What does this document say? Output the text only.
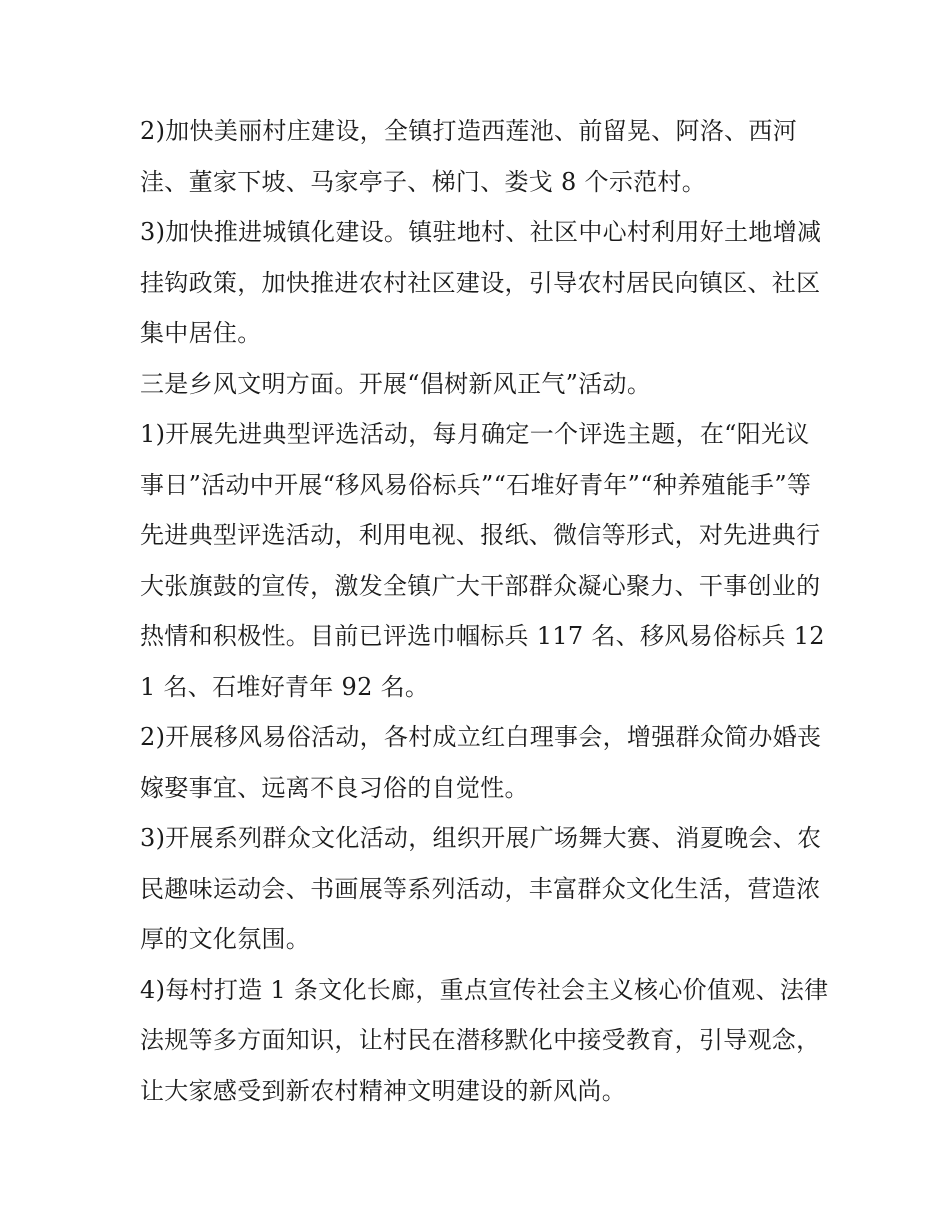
2)加快美丽村庄建设，全镇打造西莲池、前留晃、阿洛、西河洼、董家下坡、马家亭子、梯门、娄戈 8 个示范村。

3)加快推进城镇化建设。镇驻地村、社区中心村利用好土地增减挂钩政策，加快推进农村社区建设，引导农村居民向镇区、社区集中居住。

三是乡风文明方面。开展“倡树新风正气”活动。

1)开展先进典型评选活动，每月确定一个评选主题，在“阳光议事日”活动中开展“移风易俗标兵”“石堆好青年”“种养殖能手”等先进典型评选活动，利用电视、报纸、微信等形式，对先进典行大张旗鼓的宣传，激发全镇广大干部群众凝心聚力、干事创业的热情和积极性。目前已评选巾帼标兵 117 名、移风易俗标兵 121 名、石堆好青年 92 名。

2)开展移风易俗活动，各村成立红白理事会，增强群众简办婚丧嫁娶事宜、远离不良习俗的自觉性。

3)开展系列群众文化活动，组织开展广场舞大赛、消夏晚会、农民趣味运动会、书画展等系列活动，丰富群众文化生活，营造浓厚的文化氛围。

4)每村打造 1 条文化长廊，重点宣传社会主义核心价值观、法律法规等多方面知识，让村民在潜移默化中接受教育，引导观念，让大家感受到新农村精神文明建设的新风尚。
